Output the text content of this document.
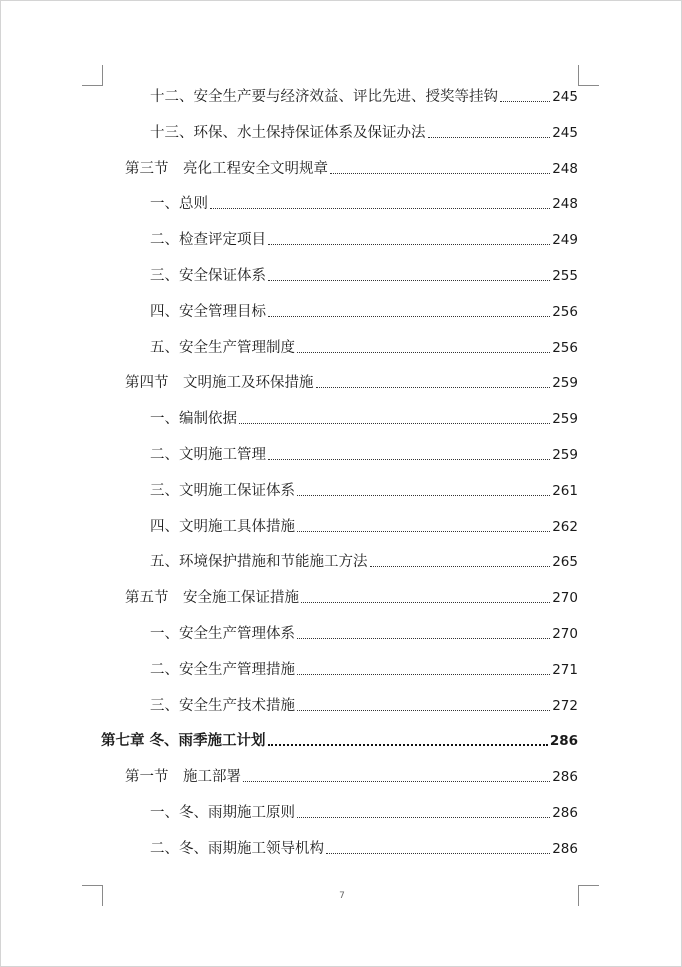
十二、安全生产要与经济效益、评比先进、授奖等挂钩	245
十三、环保、水土保持保证体系及保证办法	245
第三节　亮化工程安全文明规章	248
一、总则	248
二、检查评定项目	249
三、安全保证体系	255
四、安全管理目标	256
五、安全生产管理制度	256
第四节　文明施工及环保措施	259
一、编制依据	259
二、文明施工管理	259
三、文明施工保证体系	261
四、文明施工具体措施	262
五、环境保护措施和节能施工方法	265
第五节　安全施工保证措施	270
一、安全生产管理体系	270
二、安全生产管理措施	271
三、安全生产技术措施	272
第七章 冬、雨季施工计划	286
第一节　施工部署	286
一、冬、雨期施工原则	286
二、冬、雨期施工领导机构	286
7
